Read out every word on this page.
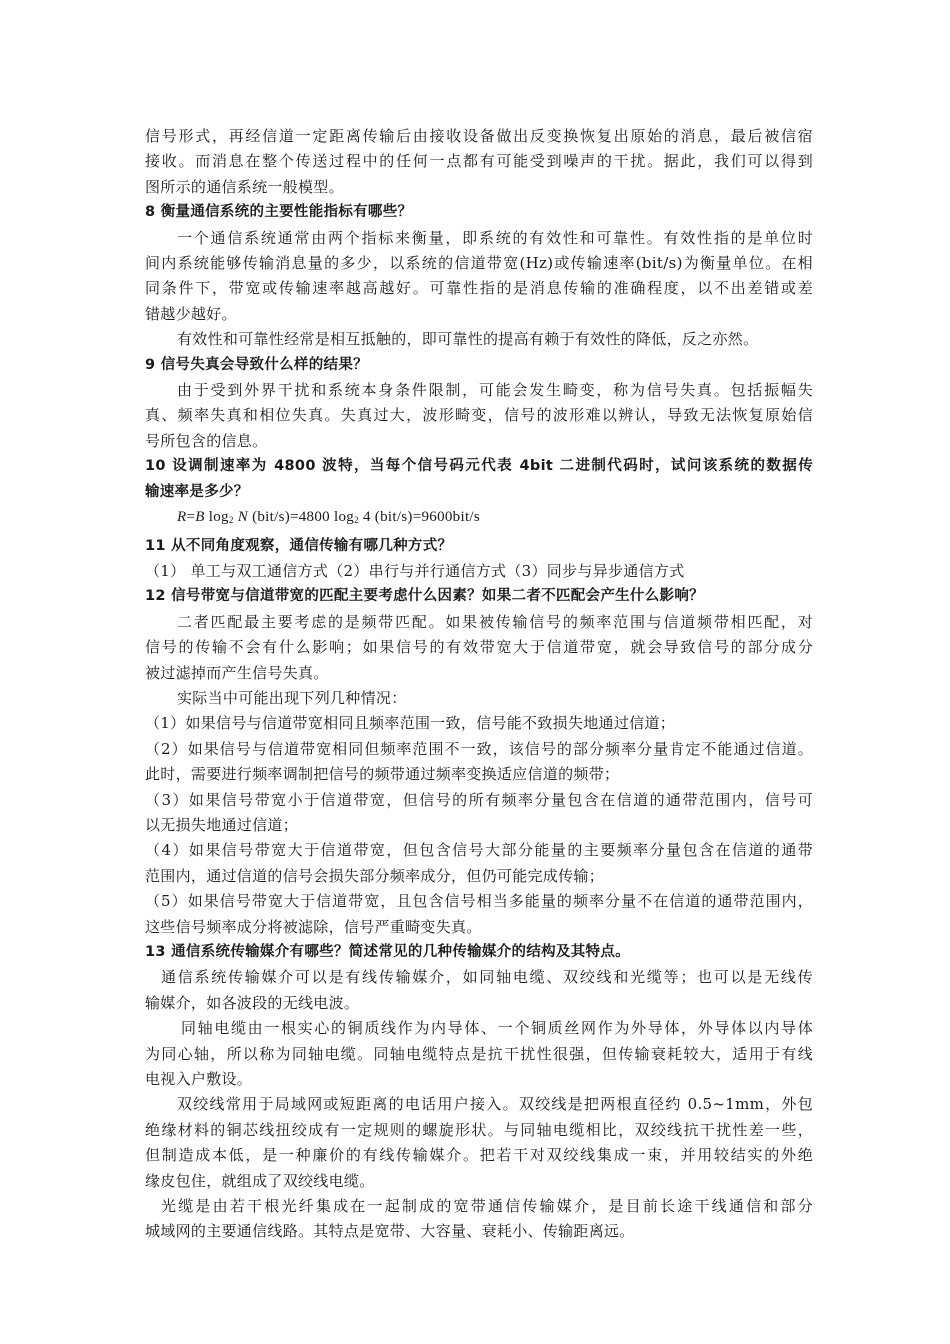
信号形式，再经信道一定距离传输后由接收设备做出反变换恢复出原始的消息，最后被信宿
接收。而消息在整个传送过程中的任何一点都有可能受到噪声的干扰。据此，我们可以得到
图所示的通信系统一般模型。
8 衡量通信系统的主要性能指标有哪些？
一个通信系统通常由两个指标来衡量，即系统的有效性和可靠性。有效性指的是单位时
间内系统能够传输消息量的多少，以系统的信道带宽(Hz)或传输速率(bit/s)为衡量单位。在相
同条件下，带宽或传输速率越高越好。可靠性指的是消息传输的准确程度，以不出差错或差
错越少越好。
有效性和可靠性经常是相互抵触的，即可靠性的提高有赖于有效性的降低，反之亦然。
9 信号失真会导致什么样的结果？
由于受到外界干扰和系统本身条件限制，可能会发生畸变，称为信号失真。包括振幅失
真、频率失真和相位失真。失真过大，波形畸变，信号的波形难以辨认，导致无法恢复原始信
号所包含的信息。
10 设调制速率为 4800 波特，当每个信号码元代表 4bit 二进制代码时，试问该系统的数据传
输速率是多少？
R=B $\log_2 N$ (bit/s)=4800 $\log_2 4$ (bit/s)=9600bit/s
11 从不同角度观察，通信传输有哪几种方式？
（1） 单工与双工通信方式（2）串行与并行通信方式（3）同步与异步通信方式
12 信号带宽与信道带宽的匹配主要考虑什么因素？如果二者不匹配会产生什么影响？
二者匹配最主要考虑的是频带匹配。如果被传输信号的频率范围与信道频带相匹配，对
信号的传输不会有什么影响；如果信号的有效带宽大于信道带宽，就会导致信号的部分成分
被过滤掉而产生信号失真。
实际当中可能出现下列几种情况：
（1）如果信号与信道带宽相同且频率范围一致，信号能不致损失地通过信道；
（2）如果信号与信道带宽相同但频率范围不一致，该信号的部分频率分量肯定不能通过信道。
此时，需要进行频率调制把信号的频带通过频率变换适应信道的频带；
（3）如果信号带宽小于信道带宽，但信号的所有频率分量包含在信道的通带范围内，信号可
以无损失地通过信道；
（4）如果信号带宽大于信道带宽，但包含信号大部分能量的主要频率分量包含在信道的通带
范围内，通过信道的信号会损失部分频率成分，但仍可能完成传输；
（5）如果信号带宽大于信道带宽，且包含信号相当多能量的频率分量不在信道的通带范围内，
这些信号频率成分将被滤除，信号严重畸变失真。
13 通信系统传输媒介有哪些？简述常见的几种传输媒介的结构及其特点。
通信系统传输媒介可以是有线传输媒介，如同轴电缆、双绞线和光缆等；也可以是无线传
输媒介，如各波段的无线电波。
同轴电缆由一根实心的铜质线作为内导体、一个铜质丝网作为外导体，外导体以内导体
为同心轴，所以称为同轴电缆。同轴电缆特点是抗干扰性很强，但传输衰耗较大，适用于有线
电视入户敷设。
双绞线常用于局域网或短距离的电话用户接入。双绞线是把两根直径约 0.5~1mm，外包
绝缘材料的铜芯线扭绞成有一定规则的螺旋形状。与同轴电缆相比，双绞线抗干扰性差一些，
但制造成本低，是一种廉价的有线传输媒介。把若干对双绞线集成一束，并用较结实的外绝
缘皮包住，就组成了双绞线电缆。
光缆是由若干根光纤集成在一起制成的宽带通信传输媒介，是目前长途干线通信和部分
城域网的主要通信线路。其特点是宽带、大容量、衰耗小、传输距离远。
